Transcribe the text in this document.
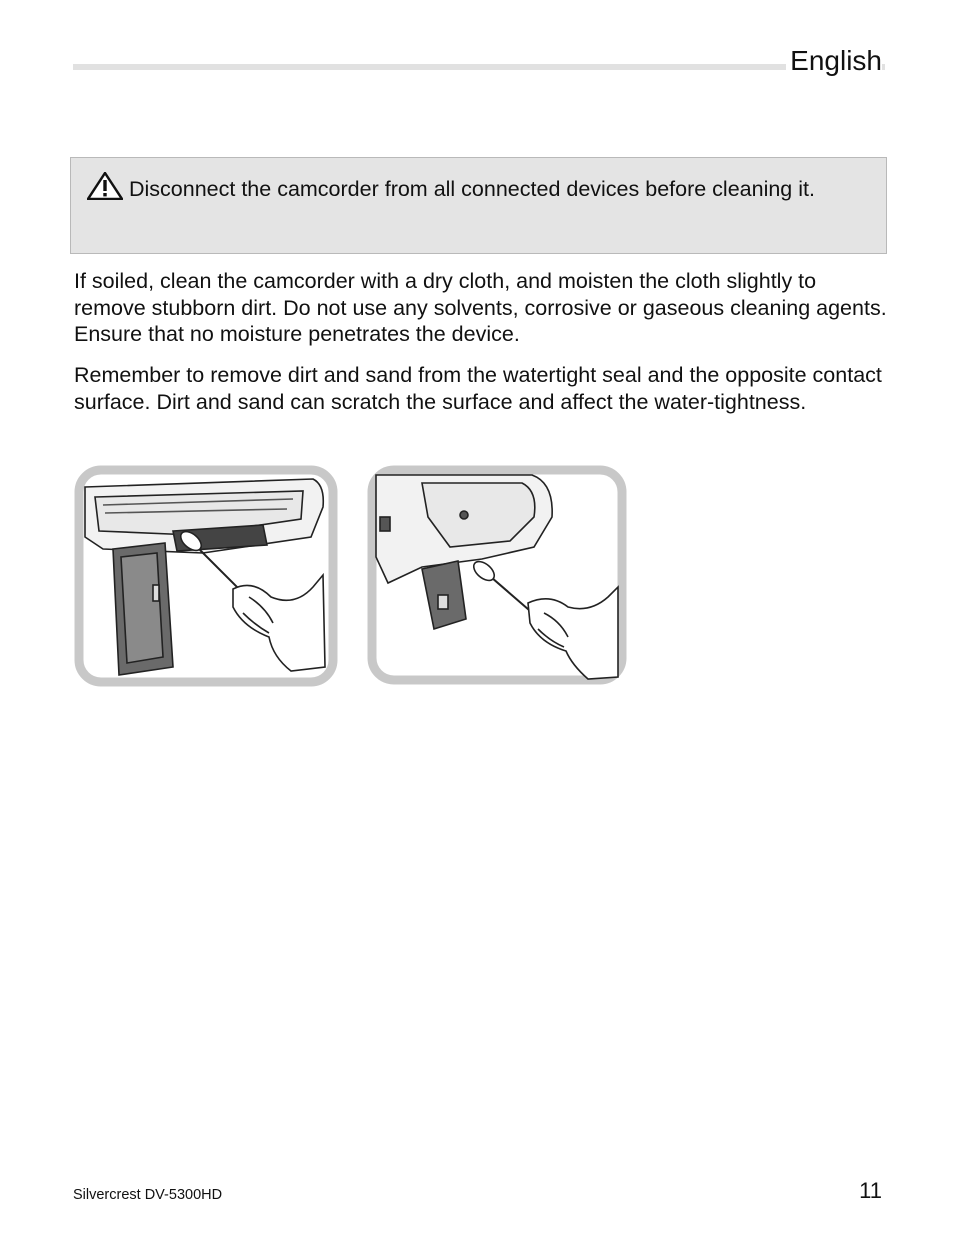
English
Disconnect the camcorder from all connected devices before cleaning it.

If soiled, clean the camcorder with a dry cloth, and moisten the cloth slightly to remove stubborn dirt. Do not use any solvents, corrosive or gaseous cleaning agents. Ensure that no moisture penetrates the device.

Remember to remove dirt and sand from the watertight seal and the opposite contact surface. Dirt and sand can scratch the surface and affect the water-tightness.

Silvercrest DV-5300HD	11
